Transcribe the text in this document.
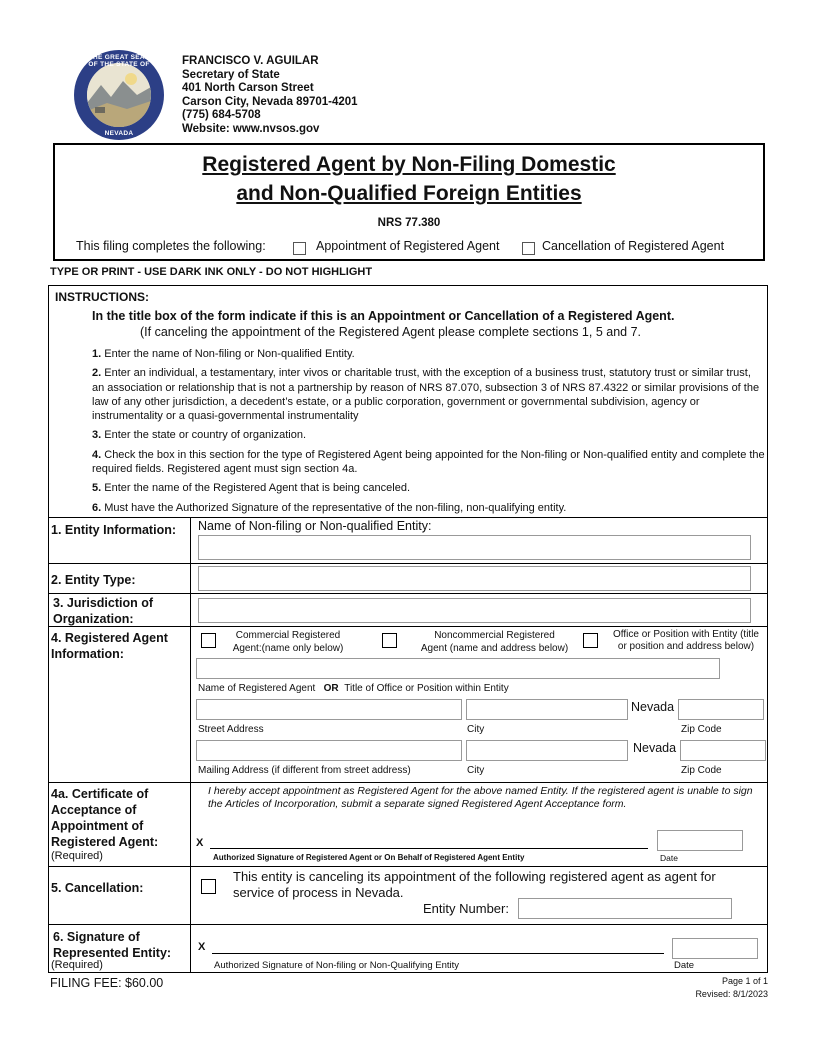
THE GREAT SEAL OF THE STATE OF
NEVADA
FRANCISCO V. AGUILAR
Secretary of State
401 North Carson Street
Carson City, Nevada 89701-4201
(775) 684-5708
Website: www.nvsos.gov
Registered Agent by Non-Filing Domestic
and Non-Qualified Foreign Entities
NRS 77.380
This filing completes the following:	Appointment of Registered Agent	Cancellation of Registered Agent
TYPE OR PRINT - USE DARK INK ONLY - DO NOT HIGHLIGHT
INSTRUCTIONS:
In the title box of the form indicate if this is an Appointment or Cancellation of a Registered Agent.
(If canceling the appointment of the Registered Agent please complete sections 1, 5 and 7.

1. Enter the name of Non-filing or Non-qualified Entity.

2. Enter an individual, a testamentary, inter vivos or charitable trust, with the exception of a business trust, statutory trust or similar trust, an association or relationship that is not a partnership by reason of NRS 87.070, subsection 3 of NRS 87.4322 or similar provisions of the law of any other jurisdiction, a decedent’s estate, or a public corporation, government or governmental subdivision, agency or instrumentality or a quasi-governmental instrumentality

3. Enter the state or country of organization.

4. Check the box in this section for the type of Registered Agent being appointed for the Non-filing or Non-qualified entity and complete the required fields. Registered agent must sign section 4a.

5. Enter the name of the Registered Agent that is being canceled.

6. Must have the Authorized Signature of the representative of the non-filing, non-qualifying entity.

1. Entity Information: Name of Non-filing or Non-qualified Entity:
2. Entity Type:
3. Jurisdiction of
Organization:
4. Registered Agent
Information:
Commercial Registered
Agent:(name only below)
Noncommercial Registered
Agent (name and address below)
Office or Position with Entity (title
or position and address below)
Name of Registered Agent OR Title of Office or Position within Entity
Nevada
Street Address	City	Zip Code
Nevada
Mailing Address (if different from street address)	City	Zip Code
4a. Certificate of
Acceptance of
Appointment of
Registered Agent:
(Required)
I hereby accept appointment as Registered Agent for the above named Entity. If the registered agent is unable to sign the Articles of Incorporation, submit a separate signed Registered Agent Acceptance form.
X
Authorized Signature of Registered Agent or On Behalf of Registered Agent Entity	Date
5. Cancellation:
This entity is canceling its appointment of the following registered agent as agent for
service of process in Nevada.
Entity Number:
6. Signature of
Represented Entity:
(Required)
X
Authorized Signature of Non-filing or Non-Qualifying Entity	Date
FILING FEE: $60.00	Page 1 of 1
Revised: 8/1/2023
